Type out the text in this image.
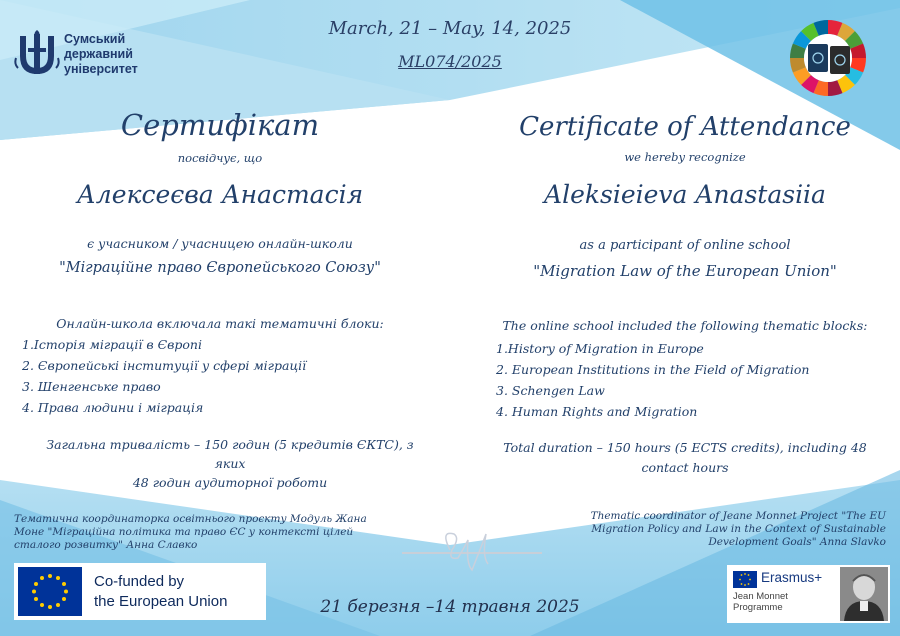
Сумський
державний
університет
March, 21 – May, 14, 2025
ML074/2025
Сертифікат	Certificate of Attendance
посвідчує, що	we hereby recognize
Алексеєва Анастасія	Aleksieieva Anastasiia
є учасником / учасницею онлайн-школи
"Міграційне право Європейського Союзу"
as a participant of online school
"Migration Law of the European Union"
Онлайн-школа включала такі тематичні блоки:
1.Історія міграції в Європі
2. Європейські інституції у сфері міграції
3. Шенгенське право
4. Права людини і міграція
The online school included the following thematic blocks:
1.History of Migration in Europe
2. European Institutions in the Field of Migration
3. Schengen Law
4. Human Rights and Migration
Загальна тривалість – 150 годин (5 кредитів ЄКТС), з яких
48 годин аудиторної роботи
Total duration – 150 hours (5 ECTS credits), including 48
contact hours
Тематична координаторка освітнього проєкту Модуль Жана
Моне "Міграційна політика та право ЄС у контексті цілей
сталого розвитку" Анна Славко
Thematic coordinator of Jeane Monnet Project "The EU
Migration Policy and Law in the Context of Sustainable
Development Goals" Anna Slavko
Co-funded by
the European Union	21 березня –14 травня 2025
Erasmus+
Jean Monnet
Programme
